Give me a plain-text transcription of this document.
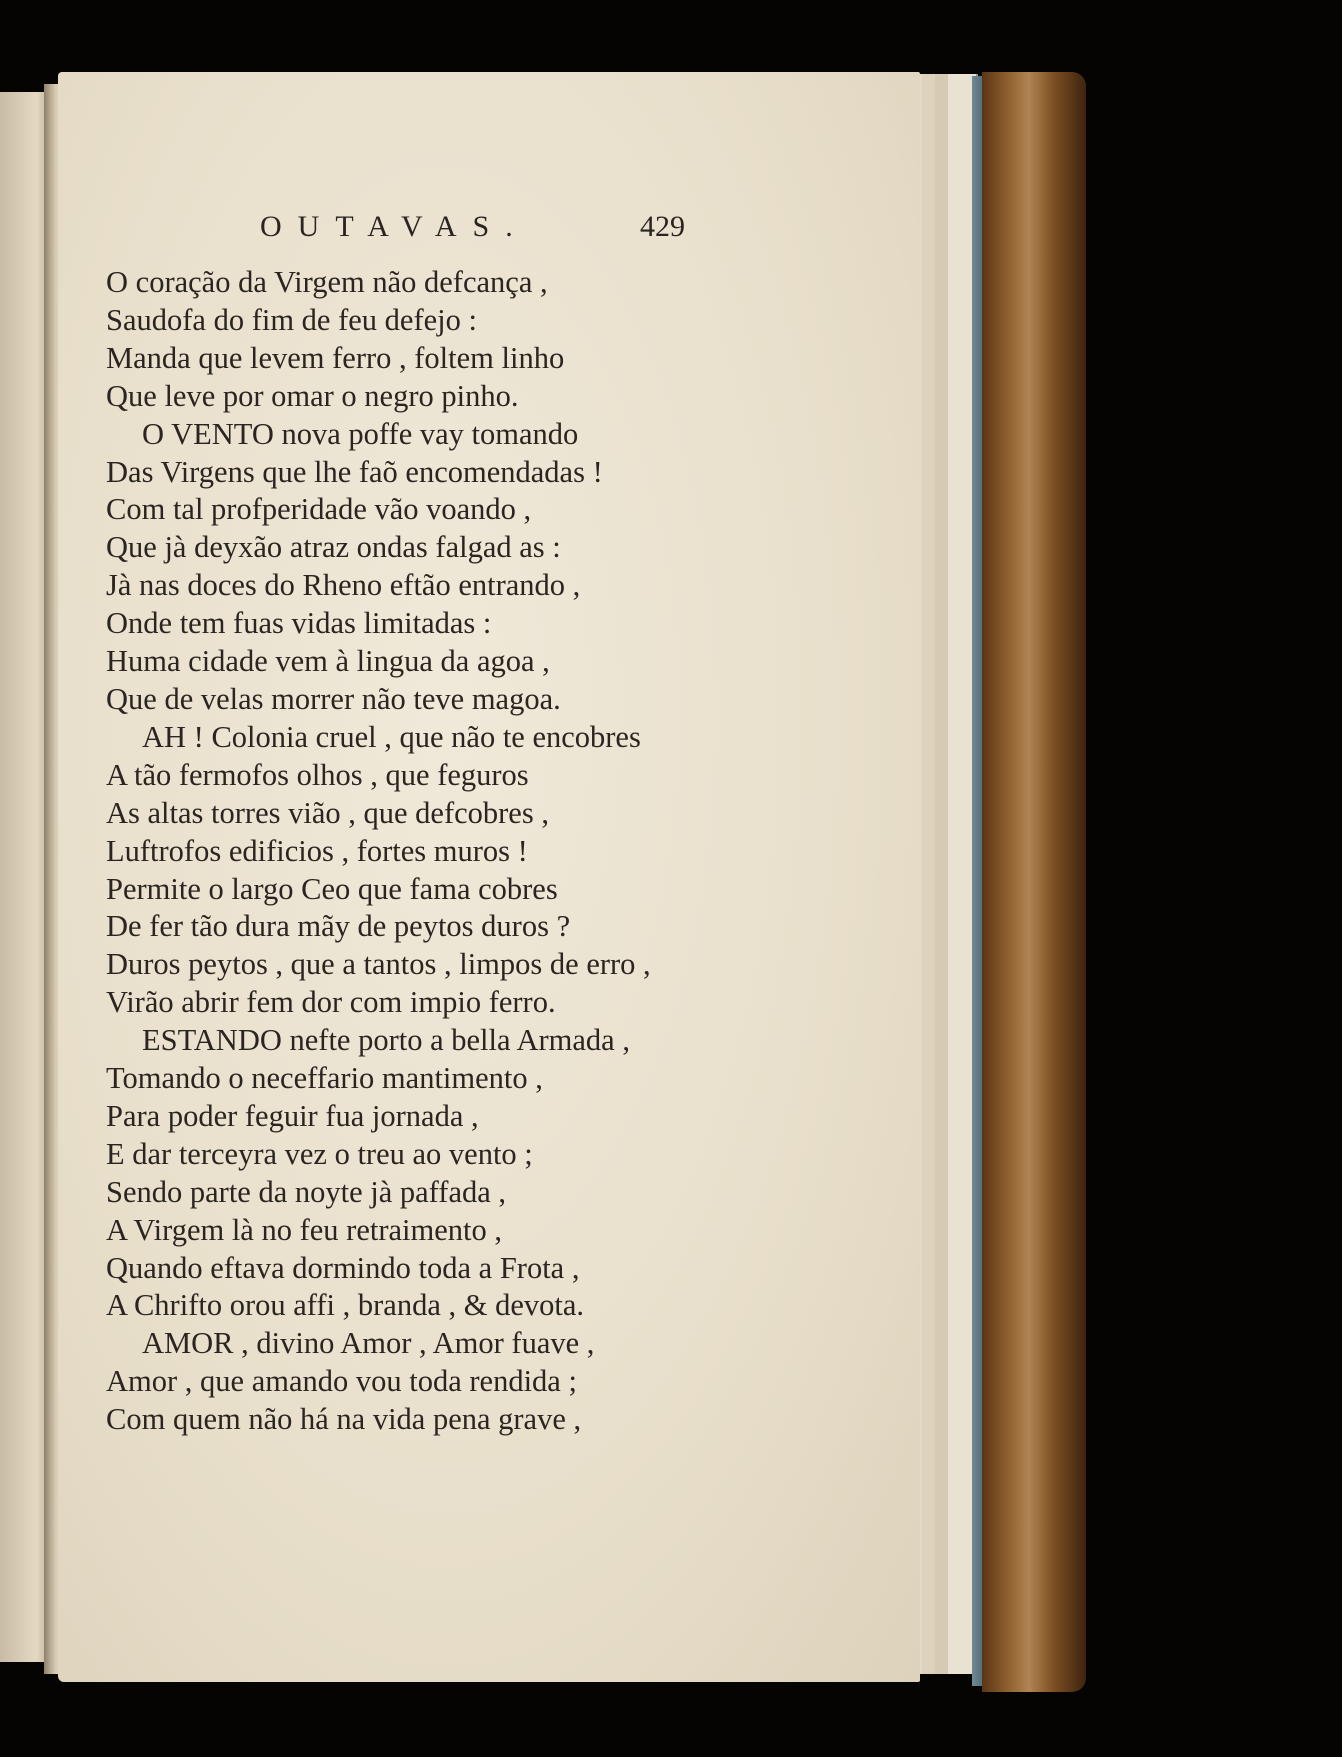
OUTAVAS.	429
O coração da Virgem não defcança ,
Saudofa do fim de feu defejo :
Manda que levem ferro , foltem linho
Que leve por omar o negro pinho.
O VENTO nova poffe vay tomando
Das Virgens que lhe faõ encomendadas !
Com tal profperidade vão voando ,
Que jà deyxão atraz ondas falgad as :
Jà nas doces do Rheno eftão entrando ,
Onde tem fuas vidas limitadas :
Huma cidade vem à lingua da agoa ,
Que de velas morrer não teve magoa.
AH ! Colonia cruel , que não te encobres
A tão fermofos olhos , que feguros
As altas torres vião , que defcobres ,
Luftrofos edificios , fortes muros !
Permite o largo Ceo que fama cobres
De fer tão dura mãy de peytos duros ?
Duros peytos , que a tantos , limpos de erro ,
Virão abrir fem dor com impio ferro.
ESTANDO nefte porto a bella Armada ,
Tomando o neceffario mantimento ,
Para poder feguir fua jornada ,
E dar terceyra vez o treu ao vento ;
Sendo parte da noyte jà paffada ,
A Virgem là no feu retraimento ,
Quando eftava dormindo toda a Frota ,
A Chrifto orou affi , branda , & devota.
AMOR , divino Amor , Amor fuave ,
Amor , que amando vou toda rendida ;
Com quem não há na vida pena grave ,
